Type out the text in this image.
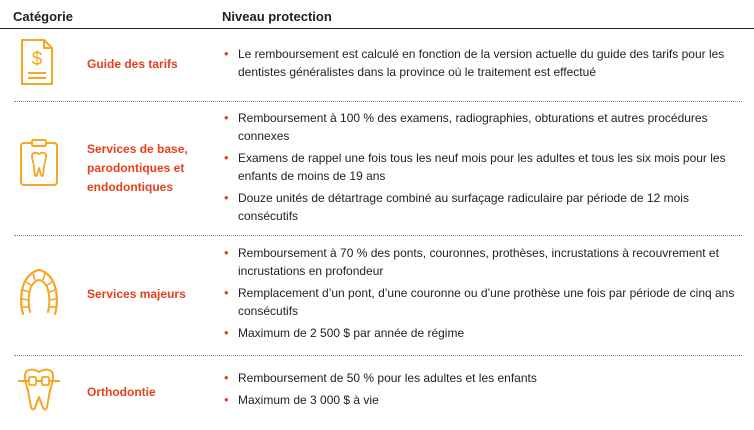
Catégorie	Niveau protection
$	Guide des tarifs
• Le remboursement est calculé en fonction de la version actuelle du guide des tarifs pour les dentistes généralistes dans la province où le traitement est effectué
Services de base, parodontiques et endodontiques
• Remboursement à 100 % des examens, radiographies, obturations et autres procédures connexes
• Examens de rappel une fois tous les neuf mois pour les adultes et tous les six mois pour les enfants de moins de 19 ans
• Douze unités de détartrage combiné au surfaçage radiculaire par période de 12 mois consécutifs
Services majeurs
• Remboursement à 70 % des ponts, couronnes, prothèses, incrustations à recouvrement et incrustations en profondeur
• Remplacement d’un pont, d’une couronne ou d’une prothèse une fois par période de cinq ans consécutifs
• Maximum de 2 500 $ par année de régime
Orthodontie
• Remboursement de 50 % pour les adultes et les enfants
• Maximum de 3 000 $ à vie
